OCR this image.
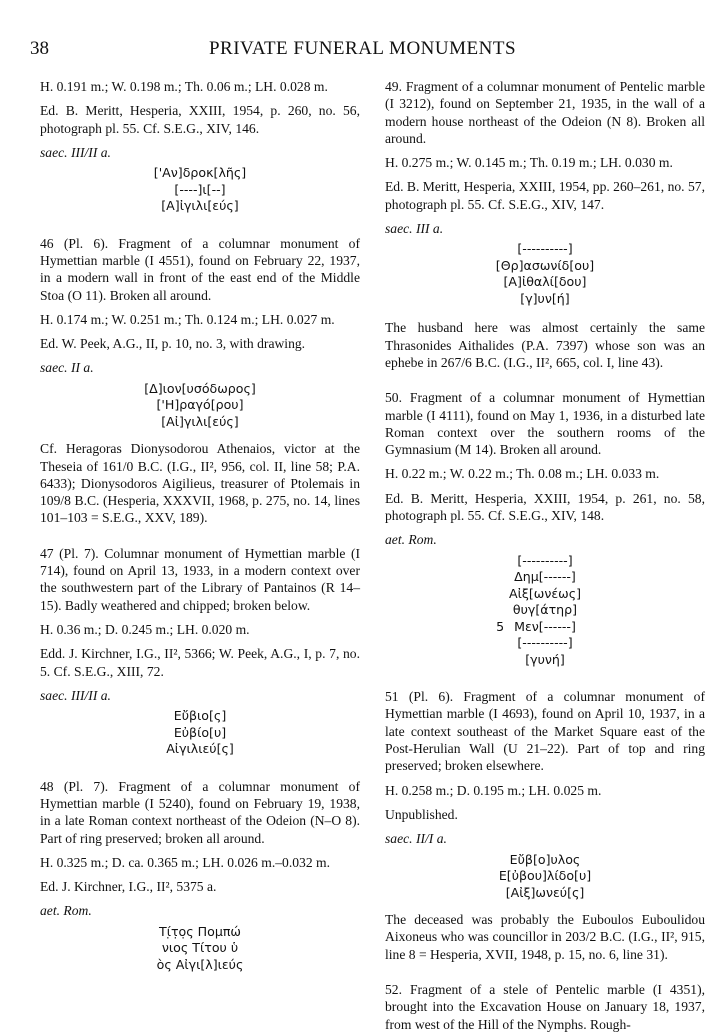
38	PRIVATE FUNERAL MONUMENTS

H. 0.191 m.; W. 0.198 m.; Th. 0.06 m.; LH. 0.028 m.

Ed. B. Meritt, Hesperia, XXIII, 1954, p. 260, no. 56, photograph pl. 55. Cf. S.E.G., XIV, 146.

saec. III/II a.

['Αν]δροκ[λῆς]
[----]ι[--]
[Α]ἰγιλι[εύς]

46 (Pl. 6). Fragment of a columnar monument of Hymettian marble (I 4551), found on February 22, 1937, in a modern wall in front of the east end of the Middle Stoa (O 11). Broken all around.

H. 0.174 m.; W. 0.251 m.; Th. 0.124 m.; LH. 0.027 m.

Ed. W. Peek, A.G., II, p. 10, no. 3, with drawing.

saec. II a.

[Δ]ιον[υσόδωρος]
['Η]ραγό[ρου]
[Αἰ]γιλι[εύς]

Cf. Heragoras Dionysodorou Athenaios, victor at the Theseia of 161/0 B.C. (I.G., II², 956, col. II, line 58; P.A. 6433); Dionysodoros Aigilieus, treasurer of Ptolemais in 109/8 B.C. (Hesperia, XXXVII, 1968, p. 275, no. 14, lines 101–103 = S.E.G., XXV, 189).

47 (Pl. 7). Columnar monument of Hymettian marble (I 714), found on April 13, 1933, in a modern context over the southwestern part of the Library of Pantainos (R 14–15). Badly weathered and chipped; broken below.

H. 0.36 m.; D. 0.245 m.; LH. 0.020 m.

Edd. J. Kirchner, I.G., II², 5366; W. Peek, A.G., I, p. 7, no. 5. Cf. S.E.G., XIII, 72.

saec. III/II a.

Εὔβιο[ς]
Εὐβίο[υ]
Αἰγιλιεύ[ς]

48 (Pl. 7). Fragment of a columnar monument of Hymettian marble (I 5240), found on February 19, 1938, in a late Roman context northeast of the Odeion (N–O 8). Part of ring preserved; broken all around.

H. 0.325 m.; D. ca. 0.365 m.; LH. 0.026 m.–0.032 m.

Ed. J. Kirchner, I.G., II², 5375 a.

aet. Rom.

Τί̣τ̣ο̣ς Πομπώ
νιος Τίτου ὑ
ὸς Αἰγι[λ]ιεύς

49. Fragment of a columnar monument of Pentelic marble (I 3212), found on September 21, 1935, in the wall of a modern house northeast of the Odeion (N 8). Broken all around.

H. 0.275 m.; W. 0.145 m.; Th. 0.19 m.; LH. 0.030 m.

Ed. B. Meritt, Hesperia, XXIII, 1954, pp. 260–261, no. 57, photograph pl. 55. Cf. S.E.G., XIV, 147.

saec. III a.

[----------]
[Θρ]ασωνίδ[ου]
[Α]ἰθαλί[δου]
[γ]υν[ή]

The husband here was almost certainly the same Thrasonides Aithalides (P.A. 7397) whose son was an ephebe in 267/6 B.C. (I.G., II², 665, col. I, line 43).

50. Fragment of a columnar monument of Hymettian marble (I 4111), found on May 1, 1936, in a disturbed late Roman context over the southern rooms of the Gymnasium (M 14). Broken all around.

H. 0.22 m.; W. 0.22 m.; Th. 0.08 m.; LH. 0.033 m.

Ed. B. Meritt, Hesperia, XXIII, 1954, p. 261, no. 58, photograph pl. 55. Cf. S.E.G., XIV, 148.

aet. Rom.

[----------]
Δημ[------]
Αἰξ[ωνέως]
θυγ[άτηρ]
5 Μεν[------]
[----------]
[γυνή]

51 (Pl. 6). Fragment of a columnar monument of Hymettian marble (I 4693), found on April 10, 1937, in a late context southeast of the Market Square east of the Post-Herulian Wall (U 21–22). Part of top and ring preserved; broken elsewhere.

H. 0.258 m.; D. 0.195 m.; LH. 0.025 m.

Unpublished.

saec. II/I a.

Εὔβ[ο]υλος
Ε[ὐβου]λίδο[υ]
[Αἰξ]ωνεύ[ς]

The deceased was probably the Euboulos Euboulidou Aixoneus who was councillor in 203/2 B.C. (I.G., II², 915, line 8 = Hesperia, XVII, 1948, p. 15, no. 6, line 31).

52. Fragment of a stele of Pentelic marble (I 4351), brought into the Excavation House on January 18, 1937, from west of the Hill of the Nymphs. Rough-
